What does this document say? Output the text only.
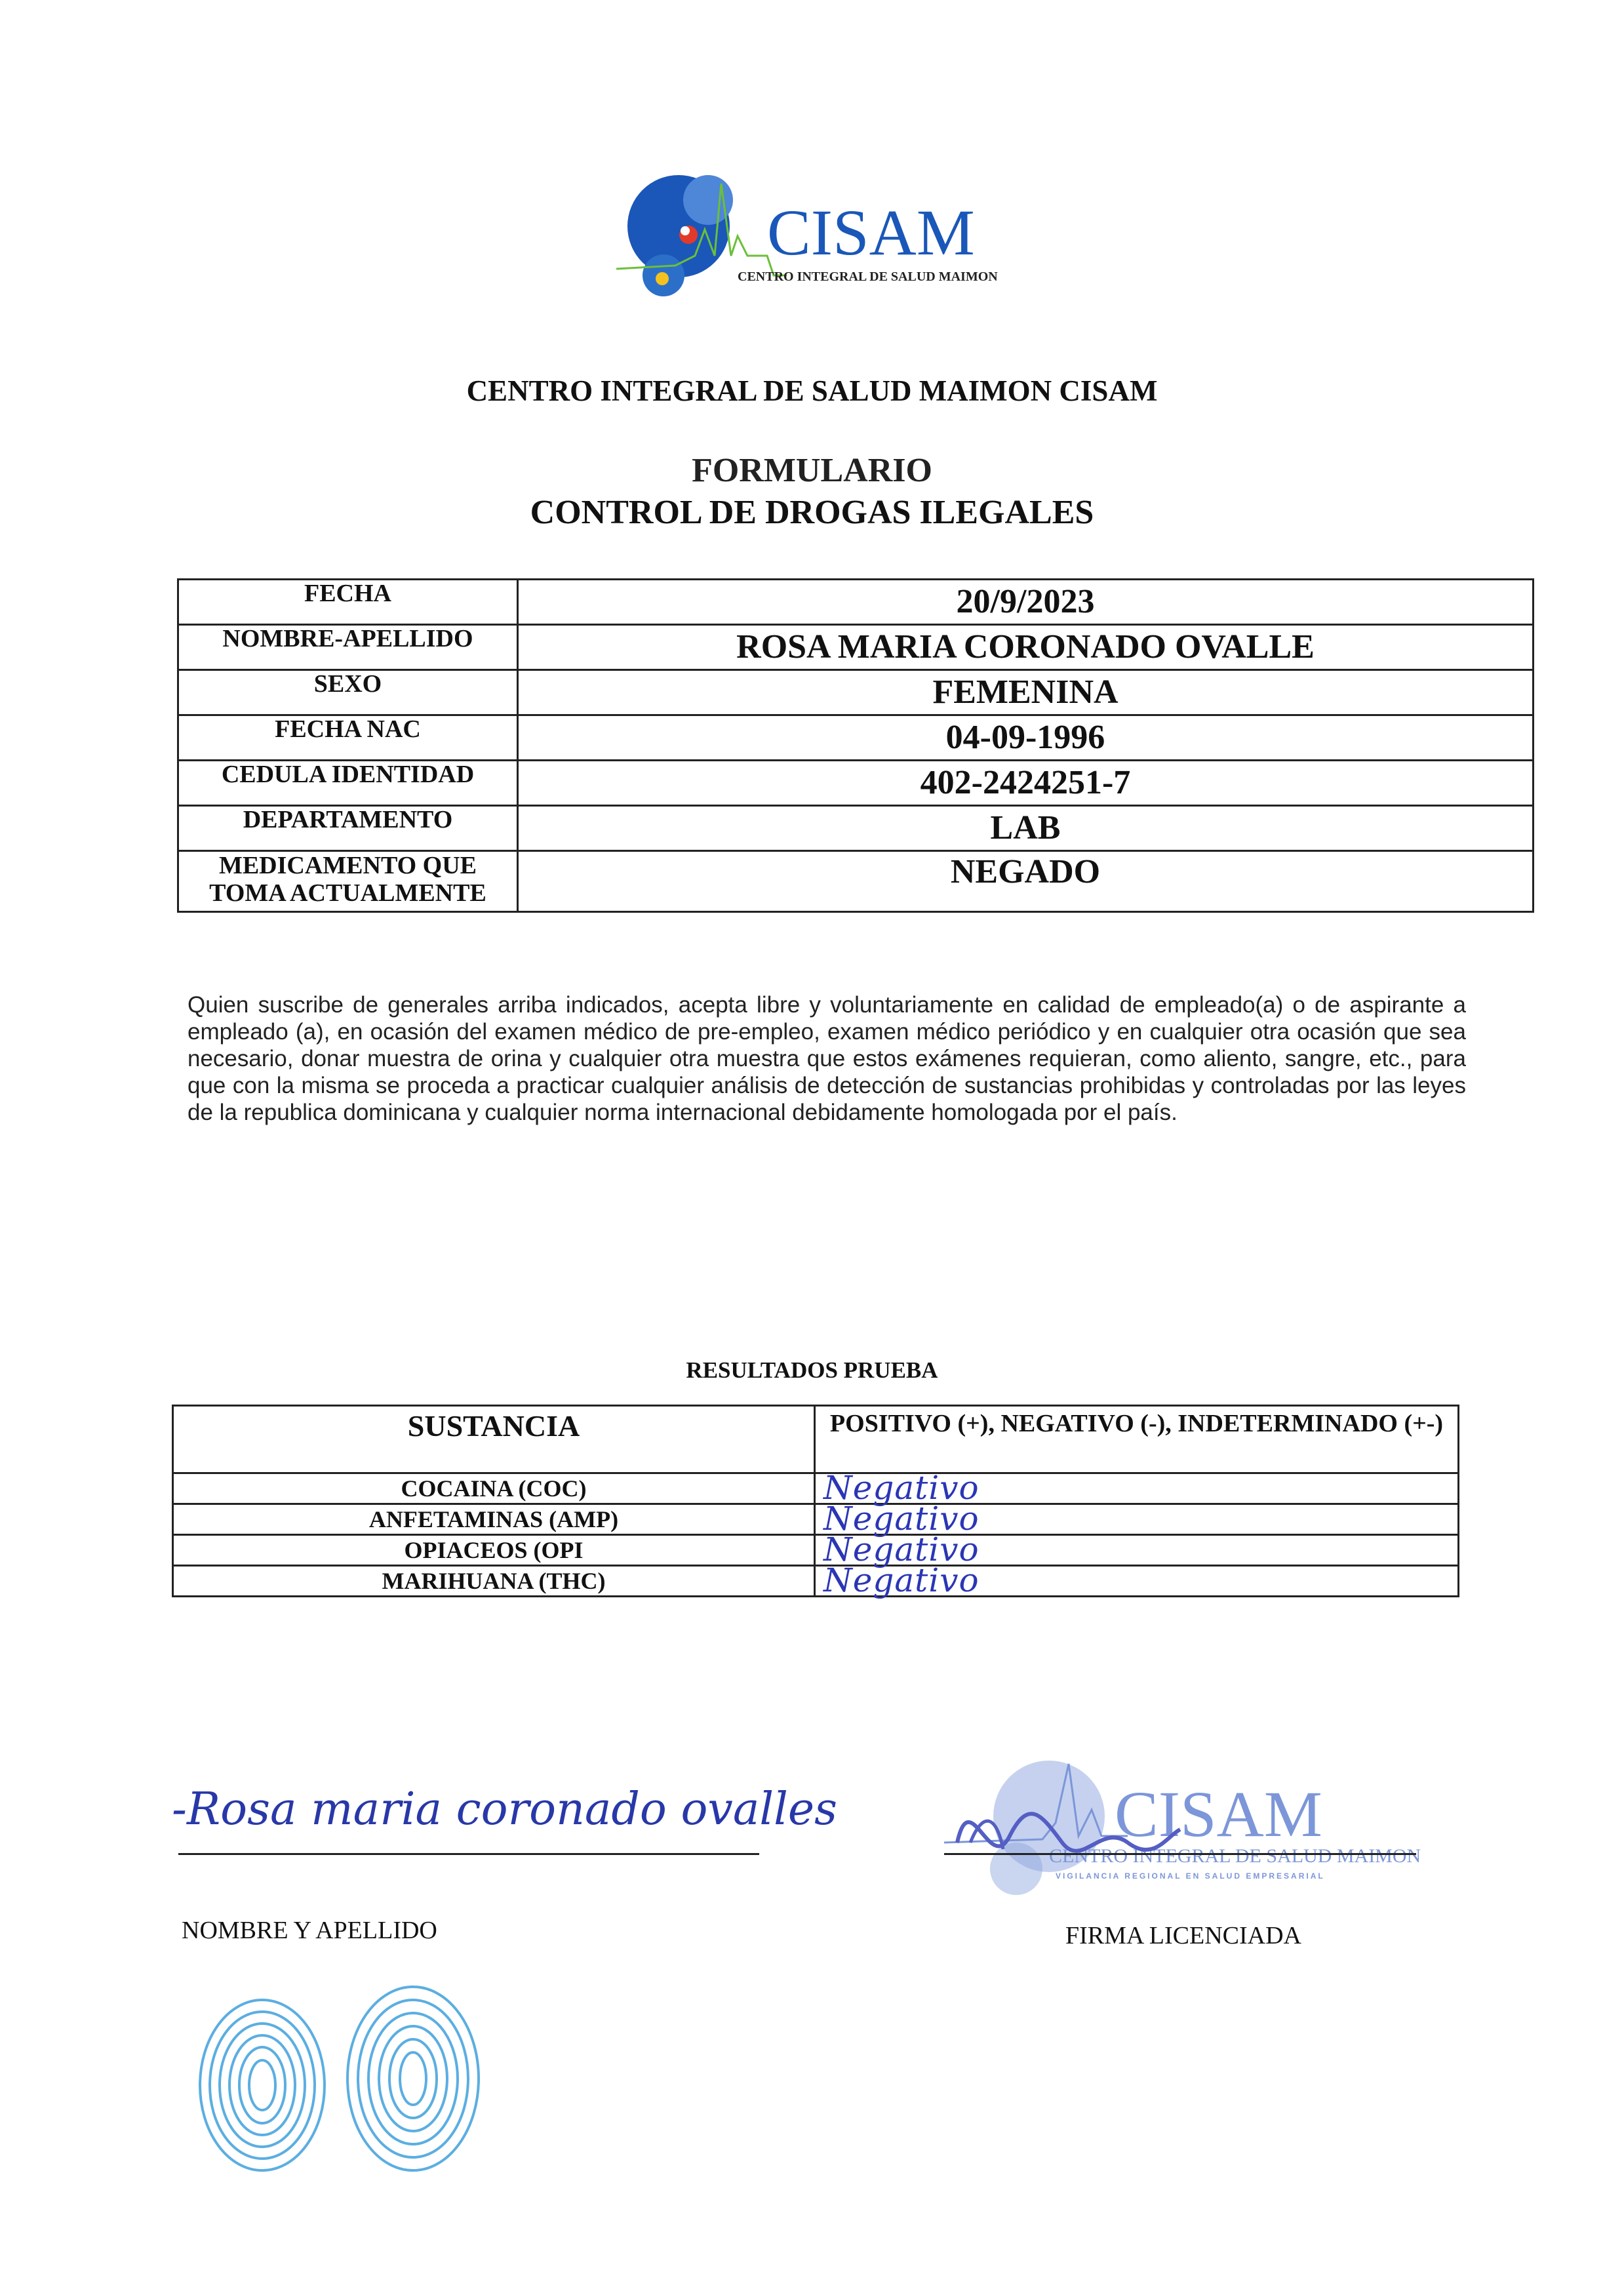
CISAM
CENTRO INTEGRAL DE SALUD MAIMON
CENTRO INTEGRAL DE SALUD MAIMON CISAM
FORMULARIO
CONTROL DE DROGAS ILEGALES
FECHA	20/9/2023
NOMBRE-APELLIDO	ROSA MARIA CORONADO OVALLE
SEXO	FEMENINA
FECHA NAC	04-09-1996
CEDULA IDENTIDAD	402-2424251-7
DEPARTAMENTO	LAB
MEDICAMENTO QUE TOMA ACTUALMENTE	NEGADO
Quien suscribe de generales arriba indicados, acepta libre y voluntariamente en calidad de empleado(a) o de aspirante a empleado (a), en ocasión del examen médico de pre-empleo, examen médico periódico y en cualquier otra ocasión que sea necesario, donar muestra de orina y cualquier otra muestra que estos exámenes requieran, como aliento, sangre, etc., para que con la misma se proceda a practicar cualquier análisis de detección de sustancias prohibidas y controladas por las leyes de la republica dominicana y cualquier norma internacional debidamente homologada por el país.
RESULTADOS PRUEBA
SUSTANCIA	POSITIVO (+), NEGATIVO (-), INDETERMINADO (+-)
COCAINA (COC)	Negativo

ANFETAMINAS (AMP)	Negativo

OPIACEOS (OPI	Negativo

MARIHUANA (THC)	Negativo
-Rosa maria coronado ovalles	CISAM
CENTRO INTEGRAL DE SALUD MAIMON
VIGILANCIA REGIONAL EN SALUD EMPRESARIAL
NOMBRE Y APELLIDO	FIRMA LICENCIADA
